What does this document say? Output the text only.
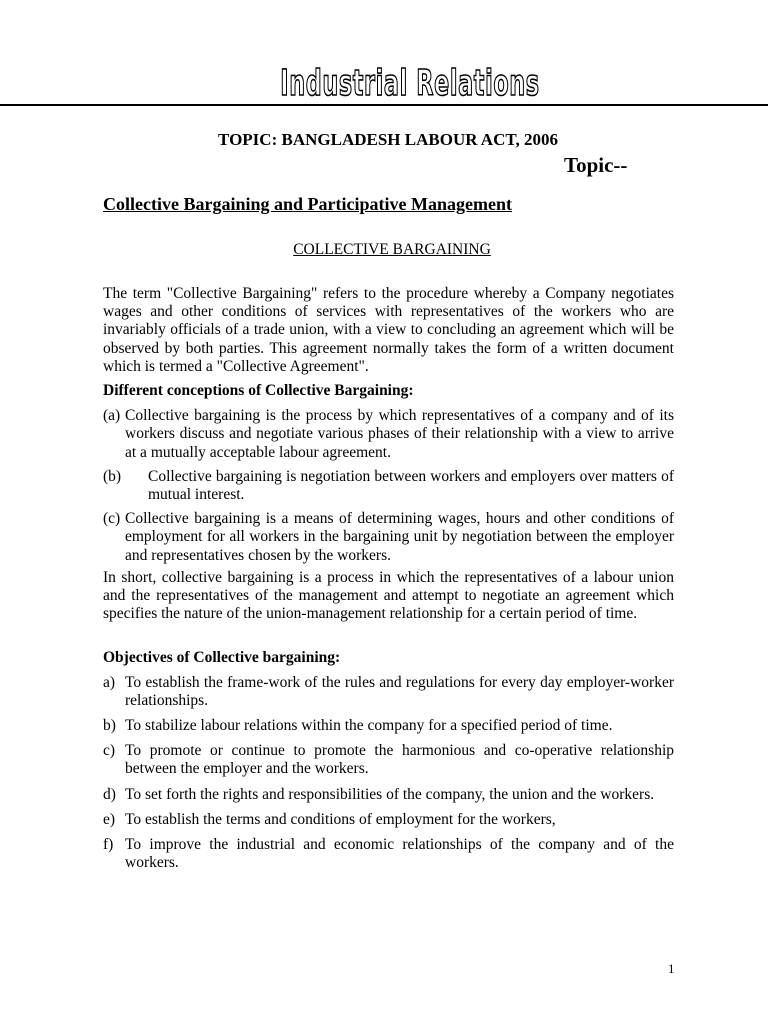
Industrial Relations
TOPIC: BANGLADESH LABOUR ACT, 2006
Topic--
Collective Bargaining and Participative Management
COLLECTIVE BARGAINING

The term "Collective Bargaining" refers to the procedure whereby a Company negotiates wages and other conditions of services with representatives of the workers who are invariably officials of a trade union, with a view to concluding an agreement which will be observed by both parties. This agreement normally takes the form of a written document which is termed a "Collective Agreement".

Different conceptions of Collective Bargaining:

(a) Collective bargaining is the process by which representatives of a company and of its workers discuss and negotiate various phases of their relationship with a view to arrive at a mutually acceptable labour agreement.
(b)	Collective bargaining is negotiation between workers and employers over matters of mutual interest.
(c) Collective bargaining is a means of determining wages, hours and other conditions of employment for all workers in the bargaining unit by negotiation between the employer and representatives chosen by the workers.

In short, collective bargaining is a process in which the representatives of a labour union and the representatives of the management and attempt to negotiate an agreement which specifies the nature of the union-management relationship for a certain period of time.

Objectives of Collective bargaining:

a) To establish the frame-work of the rules and regulations for every day employer-worker relationships.
b) To stabilize labour relations within the company for a specified period of time.
c) To promote or continue to promote the harmonious and co-operative relationship between the employer and the workers.
d) To set forth the rights and responsibilities of the company, the union and the workers.
e) To establish the terms and conditions of employment for the workers,
f) To improve the industrial and economic relationships of the company and of the workers.
1
